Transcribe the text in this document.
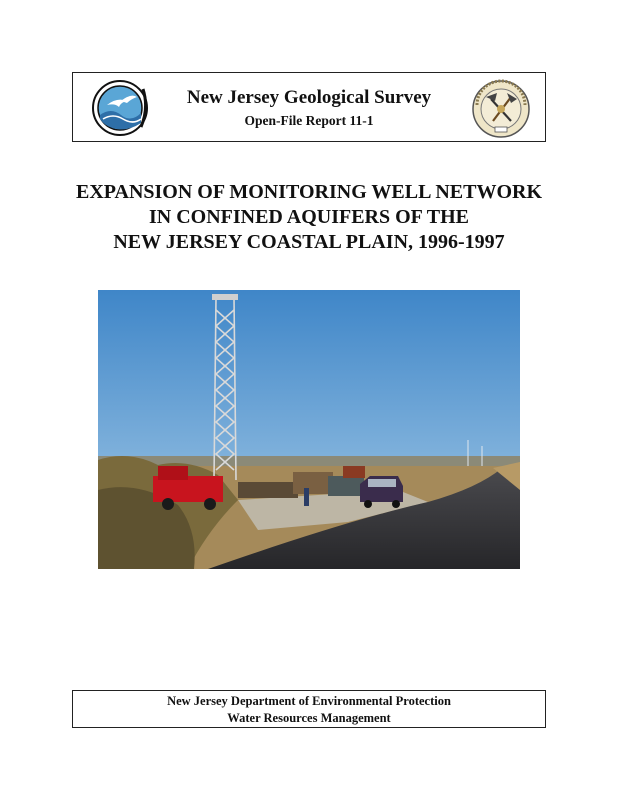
New Jersey Geological Survey
Open-File Report 11-1
EXPANSION OF MONITORING WELL NETWORK
IN CONFINED AQUIFERS OF THE
NEW JERSEY COASTAL PLAIN, 1996-1997
New Jersey Department of Environmental Protection
Water Resources Management
